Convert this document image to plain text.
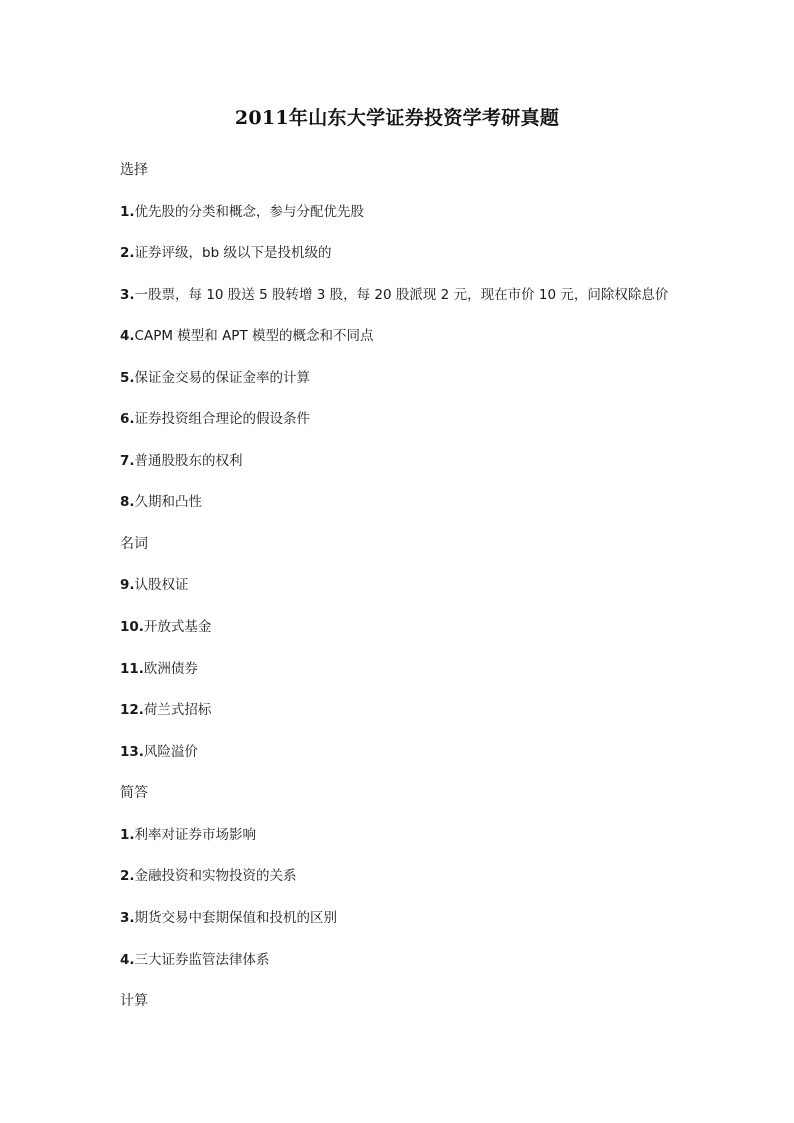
2011年山东大学证券投资学考研真题
选择
1.优先股的分类和概念，参与分配优先股
2.证券评级，bb 级以下是投机级的
3.一股票，每 10 股送 5 股转增 3 股，每 20 股派现 2 元，现在市价 10 元，问除权除息价
4.CAPM 模型和 APT 模型的概念和不同点
5.保证金交易的保证金率的计算
6.证券投资组合理论的假设条件
7.普通股股东的权利
8.久期和凸性
名词
9.认股权证
10.开放式基金
11.欧洲债券
12.荷兰式招标
13.风险溢价
简答
1.利率对证券市场影响
2.金融投资和实物投资的关系
3.期货交易中套期保值和投机的区别
4.三大证券监管法律体系
计算
